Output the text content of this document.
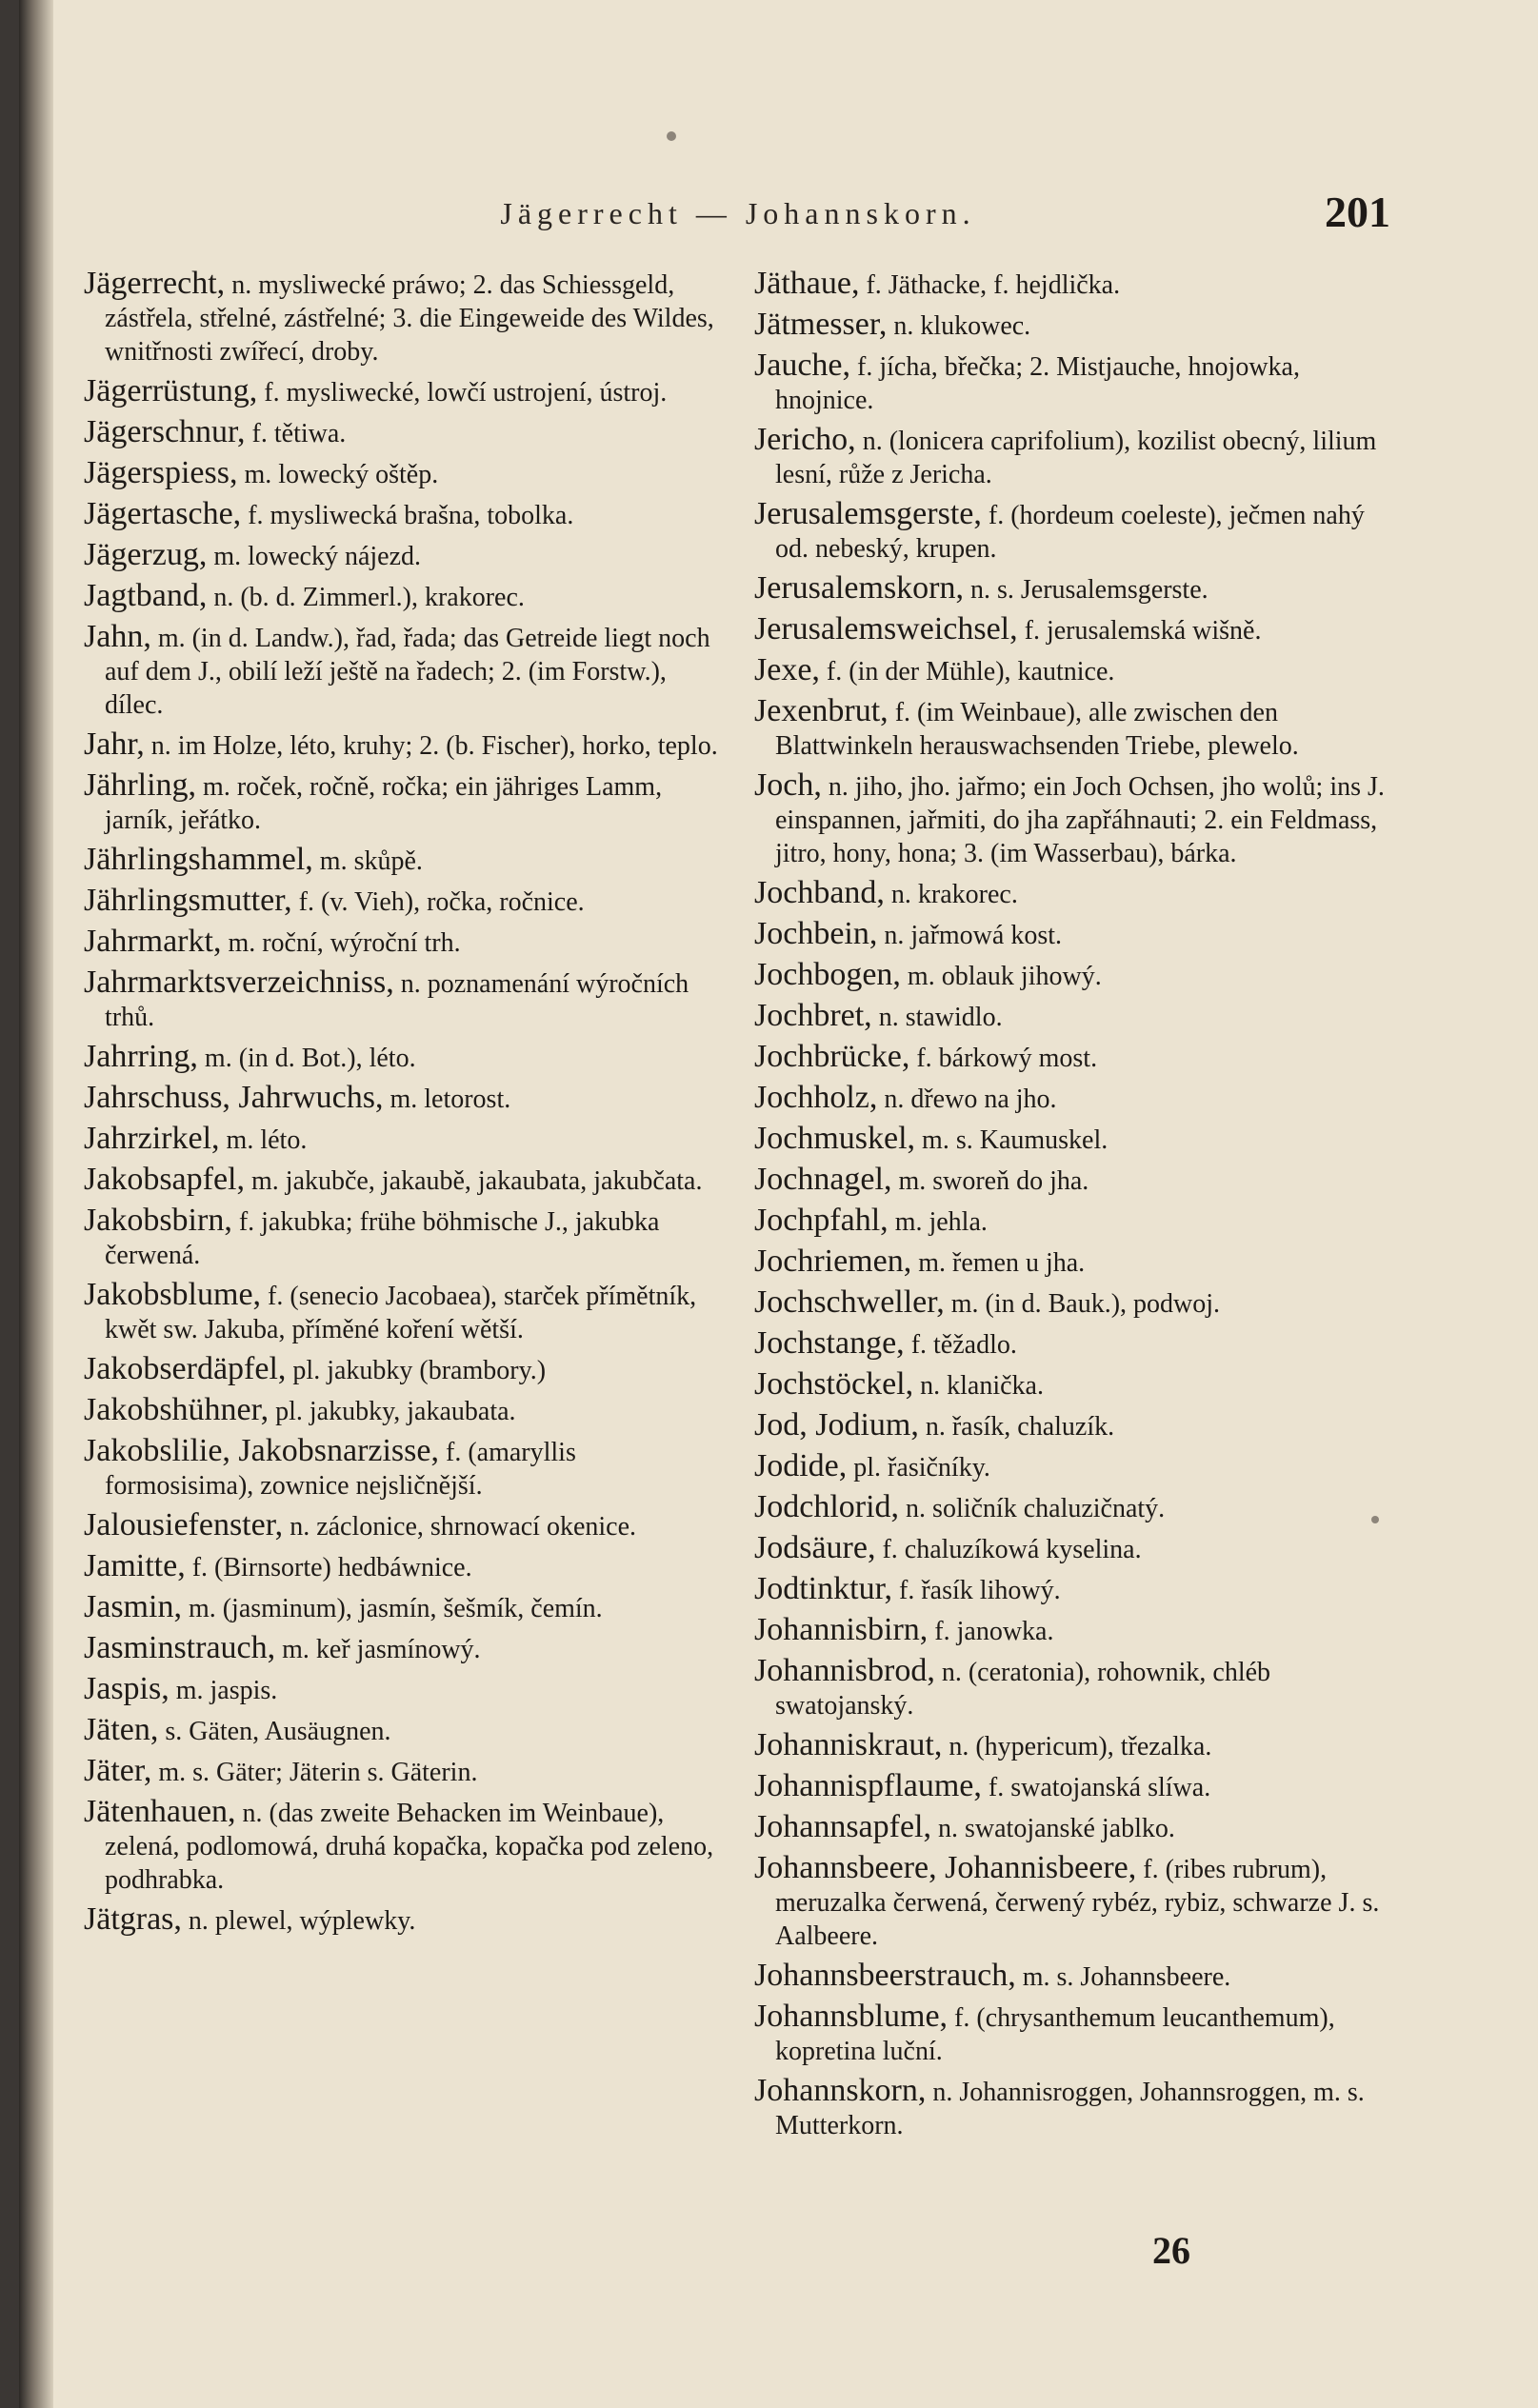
Jägerrecht — Johannskorn.	201
Jägerrecht, n. mysliwecké práwo; 2. das Schiessgeld, zástřela, střelné, zástřelné; 3. die Eingeweide des Wildes, wnitřnosti zwířecí, droby.
Jägerrüstung, f. mysliwecké, lowčí ustrojení, ústroj.
Jägerschnur, f. tětiwa.
Jägerspiess, m. lowecký oštěp.
Jägertasche, f. mysliwecká brašna, tobolka.
Jägerzug, m. lowecký nájezd.
Jagtband, n. (b. d. Zimmerl.), krakorec.
Jahn, m. (in d. Landw.), řad, řada; das Getreide liegt noch auf dem J., obilí leží ještě na řadech; 2. (im Forstw.), dílec.
Jahr, n. im Holze, léto, kruhy; 2. (b. Fischer), horko, teplo.
Jährling, m. roček, ročně, ročka; ein jähriges Lamm, jarník, jeřátko.
Jährlingshammel, m. skůpě.
Jährlingsmutter, f. (v. Vieh), ročka, ročnice.
Jahrmarkt, m. roční, wýroční trh.
Jahrmarktsverzeichniss, n. poznamenání wýročních trhů.
Jahrring, m. (in d. Bot.), léto.
Jahrschuss, Jahrwuchs, m. letorost.
Jahrzirkel, m. léto.
Jakobsapfel, m. jakubče, jakaubě, jakaubata, jakubčata.
Jakobsbirn, f. jakubka; frühe böhmische J., jakubka čerwená.
Jakobsblume, f. (senecio Jacobaea), starček přímětník, kwět sw. Jakuba, příměné koření wětší.
Jakobserdäpfel, pl. jakubky (brambory.)
Jakobshühner, pl. jakubky, jakaubata.
Jakobslilie, Jakobsnarzisse, f. (amaryllis formosisima), zownice nejsličnější.
Jalousiefenster, n. záclonice, shrnowací okenice.
Jamitte, f. (Birnsorte) hedbáwnice.
Jasmin, m. (jasminum), jasmín, šešmík, čemín.
Jasminstrauch, m. keř jasmínowý.
Jaspis, m. jaspis.
Jäten, s. Gäten, Ausäugnen.
Jäter, m. s. Gäter; Jäterin s. Gäterin.
Jätenhauen, n. (das zweite Behacken im Weinbaue), zelená, podlomowá, druhá kopačka, kopačka pod zeleno, podhrabka.
Jätgras, n. plewel, wýplewky.
Jäthaue, f. Jäthacke, f. hejdlička.
Jätmesser, n. klukowec.
Jauche, f. jícha, břečka; 2. Mistjauche, hnojowka, hnojnice.
Jericho, n. (lonicera caprifolium), kozilist obecný, lilium lesní, růže z Jericha.
Jerusalemsgerste, f. (hordeum coeleste), ječmen nahý od. nebeský, krupen.
Jerusalemskorn, n. s. Jerusalemsgerste.
Jerusalemsweichsel, f. jerusalemská wišně.
Jexe, f. (in der Mühle), kautnice.
Jexenbrut, f. (im Weinbaue), alle zwischen den Blattwinkeln herauswachsenden Triebe, plewelo.
Joch, n. jiho, jho. jařmo; ein Joch Ochsen, jho wolů; ins J. einspannen, jařmiti, do jha zapřáhnauti; 2. ein Feldmass, jitro, hony, hona; 3. (im Wasserbau), bárka.
Jochband, n. krakorec.
Jochbein, n. jařmowá kost.
Jochbogen, m. oblauk jihowý.
Jochbret, n. stawidlo.
Jochbrücke, f. bárkowý most.
Jochholz, n. dřewo na jho.
Jochmuskel, m. s. Kaumuskel.
Jochnagel, m. sworeň do jha.
Jochpfahl, m. jehla.
Jochriemen, m. řemen u jha.
Jochschweller, m. (in d. Bauk.), podwoj.
Jochstange, f. těžadlo.
Jochstöckel, n. klanička.
Jod, Jodium, n. řasík, chaluzík.
Jodide, pl. řasičníky.
Jodchlorid, n. soličník chaluzičnatý.
Jodsäure, f. chaluzíkowá kyselina.
Jodtinktur, f. řasík lihowý.
Johannisbirn, f. janowka.
Johannisbrod, n. (ceratonia), rohownik, chléb swatojanský.
Johanniskraut, n. (hypericum), třezalka.
Johannispflaume, f. swatojanská slíwa.
Johannsapfel, n. swatojanské jablko.
Johannsbeere, Johannisbeere, f. (ribes rubrum), meruzalka čerwená, čerwený rybéz, rybiz, schwarze J. s. Aalbeere.
Johannsbeerstrauch, m. s. Johannsbeere.
Johannsblume, f. (chrysanthemum leucanthemum), kopretina luční.
Johannskorn, n. Johannisroggen, Johannsroggen, m. s. Mutterkorn.
26
